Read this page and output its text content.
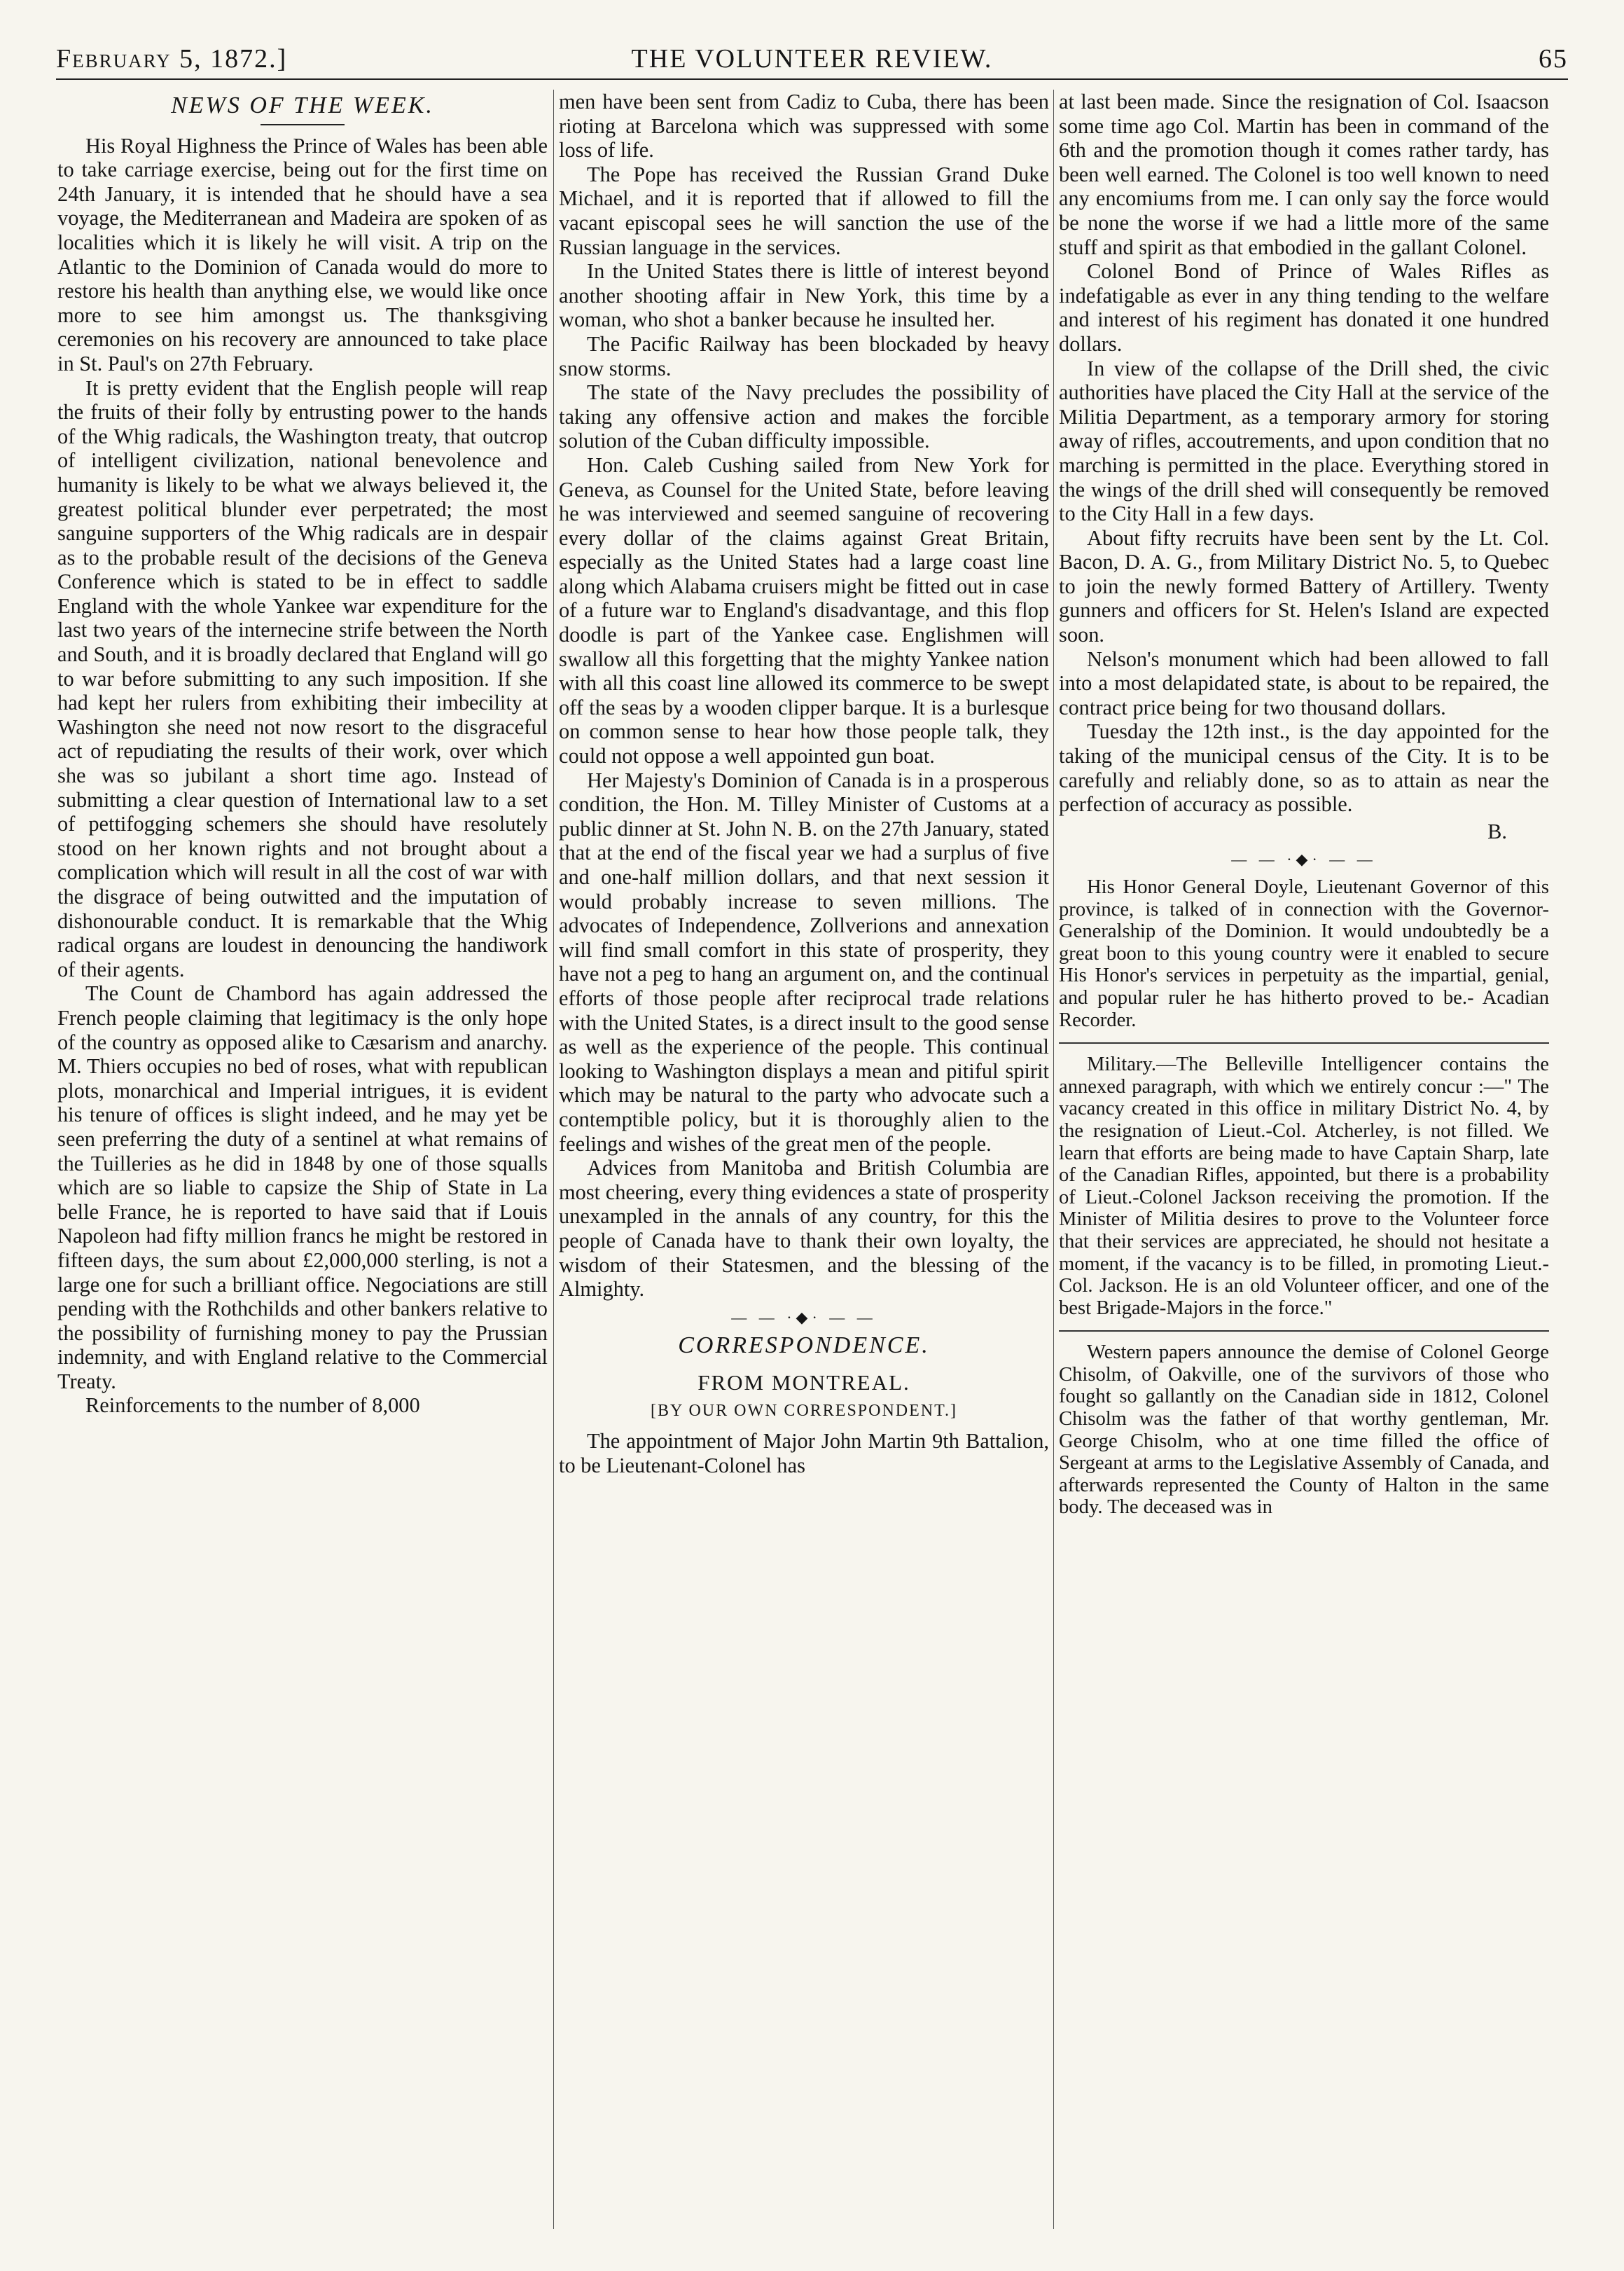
February 5, 1872.]	THE VOLUNTEER REVIEW.	65
NEWS OF THE WEEK.

His Royal Highness the Prince of Wales has been able to take carriage exercise, being out for the first time on 24th January, it is intended that he should have a sea voyage, the Mediterranean and Madeira are spoken of as localities which it is likely he will visit. A trip on the Atlantic to the Dominion of Canada would do more to restore his health than anything else, we would like once more to see him amongst us. The thanksgiving ceremonies on his recovery are announced to take place in St. Paul's on 27th February.

It is pretty evident that the English people will reap the fruits of their folly by entrusting power to the hands of the Whig radicals, the Washington treaty, that outcrop of intelligent civilization, national benevolence and humanity is likely to be what we always believed it, the greatest political blunder ever perpetrated; the most sanguine supporters of the Whig radicals are in despair as to the probable result of the decisions of the Geneva Conference which is stated to be in effect to saddle England with the whole Yankee war expenditure for the last two years of the internecine strife between the North and South, and it is broadly declared that England will go to war before submitting to any such imposition. If she had kept her rulers from exhibiting their imbecility at Washington she need not now resort to the disgraceful act of repudiating the results of their work, over which she was so jubilant a short time ago. Instead of submitting a clear question of International law to a set of pettifogging schemers she should have resolutely stood on her known rights and not brought about a complication which will result in all the cost of war with the disgrace of being outwitted and the imputation of dishonourable conduct. It is remarkable that the Whig radical organs are loudest in denouncing the handiwork of their agents.

The Count de Chambord has again addressed the French people claiming that legitimacy is the only hope of the country as opposed alike to Cæsarism and anarchy. M. Thiers occupies no bed of roses, what with republican plots, monarchical and Imperial intrigues, it is evident his tenure of offices is slight indeed, and he may yet be seen preferring the duty of a sentinel at what remains of the Tuilleries as he did in 1848 by one of those squalls which are so liable to capsize the Ship of State in La belle France, he is reported to have said that if Louis Napoleon had fifty million francs he might be restored in fifteen days, the sum about £2,000,000 sterling, is not a large one for such a brilliant office. Negociations are still pending with the Rothchilds and other bankers relative to the possibility of furnishing money to pay the Prussian indemnity, and with England relative to the Commercial Treaty.

Reinforcements to the number of 8,000

men have been sent from Cadiz to Cuba, there has been rioting at Barcelona which was suppressed with some loss of life.

The Pope has received the Russian Grand Duke Michael, and it is reported that if allowed to fill the vacant episcopal sees he will sanction the use of the Russian language in the services.

In the United States there is little of interest beyond another shooting affair in New York, this time by a woman, who shot a banker because he insulted her.

The Pacific Railway has been blockaded by heavy snow storms.

The state of the Navy precludes the possibility of taking any offensive action and makes the forcible solution of the Cuban difficulty impossible.

Hon. Caleb Cushing sailed from New York for Geneva, as Counsel for the United State, before leaving he was interviewed and seemed sanguine of recovering every dollar of the claims against Great Britain, especially as the United States had a large coast line along which Alabama cruisers might be fitted out in case of a future war to England's disadvantage, and this flop doodle is part of the Yankee case. Englishmen will swallow all this forgetting that the mighty Yankee nation with all this coast line allowed its commerce to be swept off the seas by a wooden clipper barque. It is a burlesque on common sense to hear how those people talk, they could not oppose a well appointed gun boat.

Her Majesty's Dominion of Canada is in a prosperous condition, the Hon. M. Tilley Minister of Customs at a public dinner at St. John N. B. on the 27th January, stated that at the end of the fiscal year we had a surplus of five and one-half million dollars, and that next session it would probably increase to seven millions. The advocates of Independence, Zollverions and annexation will find small comfort in this state of prosperity, they have not a peg to hang an argument on, and the continual efforts of those people after reciprocal trade relations with the United States, is a direct insult to the good sense as well as the experience of the people. This continual looking to Washington displays a mean and pitiful spirit which may be natural to the party who advocate such a contemptible policy, but it is thoroughly alien to the feelings and wishes of the great men of the people.

Advices from Manitoba and British Columbia are most cheering, every thing evidences a state of prosperity unexampled in the annals of any country, for this the people of Canada have to thank their own loyalty, the wisdom of their Statesmen, and the blessing of the Almighty.

— — ·◆· — —
CORRESPONDENCE.
FROM MONTREAL.
[BY OUR OWN CORRESPONDENT.]

The appointment of Major John Martin 9th Battalion, to be Lieutenant-Colonel has

at last been made. Since the resignation of Col. Isaacson some time ago Col. Martin has been in command of the 6th and the promotion though it comes rather tardy, has been well earned. The Colonel is too well known to need any encomiums from me. I can only say the force would be none the worse if we had a little more of the same stuff and spirit as that embodied in the gallant Colonel.

Colonel Bond of Prince of Wales Rifles as indefatigable as ever in any thing tending to the welfare and interest of his regiment has donated it one hundred dollars.

In view of the collapse of the Drill shed, the civic authorities have placed the City Hall at the service of the Militia Department, as a temporary armory for storing away of rifles, accoutrements, and upon condition that no marching is permitted in the place. Everything stored in the wings of the drill shed will consequently be removed to the City Hall in a few days.

About fifty recruits have been sent by the Lt. Col. Bacon, D. A. G., from Military District No. 5, to Quebec to join the newly formed Battery of Artillery. Twenty gunners and officers for St. Helen's Island are expected soon.

Nelson's monument which had been allowed to fall into a most delapidated state, is about to be repaired, the contract price being for two thousand dollars.

Tuesday the 12th inst., is the day appointed for the taking of the municipal census of the City. It is to be carefully and reliably done, so as to attain as near the perfection of accuracy as possible.

B.
— — ·◆· — —

His Honor General Doyle, Lieutenant Governor of this province, is talked of in connection with the Governor-Generalship of the Dominion. It would undoubtedly be a great boon to this young country were it enabled to secure His Honor's services in perpetuity as the impartial, genial, and popular ruler he has hitherto proved to be.- Acadian Recorder.

Military.—The Belleville Intelligencer contains the annexed paragraph, with which we entirely concur :—" The vacancy created in this office in military District No. 4, by the resignation of Lieut.-Col. Atcherley, is not filled. We learn that efforts are being made to have Captain Sharp, late of the Canadian Rifles, appointed, but there is a probability of Lieut.-Colonel Jackson receiving the promotion. If the Minister of Militia desires to prove to the Volunteer force that their services are appreciated, he should not hesitate a moment, if the vacancy is to be filled, in promoting Lieut.-Col. Jackson. He is an old Volunteer officer, and one of the best Brigade-Majors in the force."

Western papers announce the demise of Colonel George Chisolm, of Oakville, one of the survivors of those who fought so gallantly on the Canadian side in 1812, Colonel Chisolm was the father of that worthy gentleman, Mr. George Chisolm, who at one time filled the office of Sergeant at arms to the Legislative Assembly of Canada, and afterwards represented the County of Halton in the same body. The deceased was in
